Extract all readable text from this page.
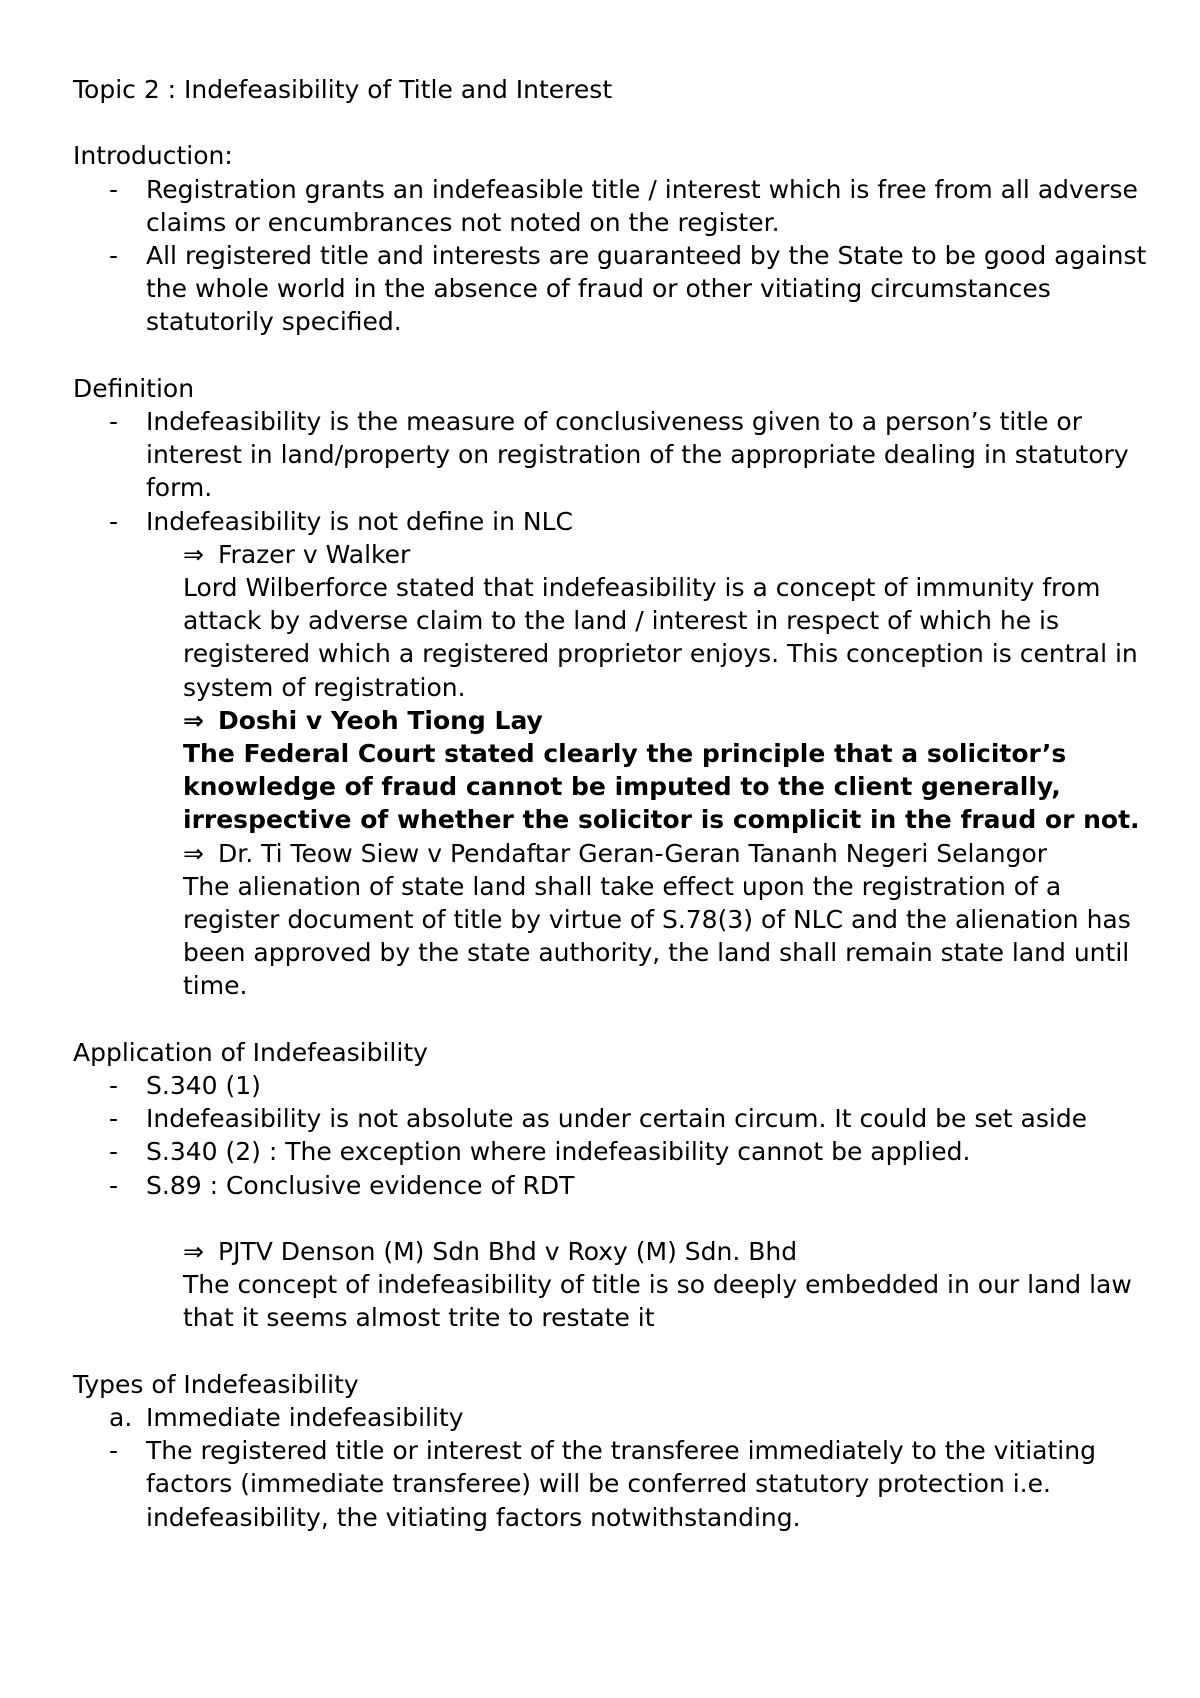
Topic 2 : Indefeasibility of Title and Interest
Introduction:
- Registration grants an indefeasible title / interest which is free from all adverse claims or encumbrances not noted on the register.
- All registered title and interests are guaranteed by the State to be good against the whole world in the absence of fraud or other vitiating circumstances statutorily specified.
Definition
- Indefeasibility is the measure of conclusiveness given to a person’s title or interest in land/property on registration of the appropriate dealing in statutory form.
- Indefeasibility is not define in NLC
⇒ Frazer v Walker
Lord Wilberforce stated that indefeasibility is a concept of immunity from attack by adverse claim to the land / interest in respect of which he is registered which a registered proprietor enjoys. This conception is central in system of registration.
⇒ Doshi v Yeoh Tiong Lay
The Federal Court stated clearly the principle that a solicitor’s knowledge of fraud cannot be imputed to the client generally, irrespective of whether the solicitor is complicit in the fraud or not.
⇒ Dr. Ti Teow Siew v Pendaftar Geran-Geran Tananh Negeri Selangor
The alienation of state land shall take effect upon the registration of a register document of title by virtue of S.78(3) of NLC and the alienation has been approved by the state authority, the land shall remain state land until time.
Application of Indefeasibility
- S.340 (1)
- Indefeasibility is not absolute as under certain circum. It could be set aside
- S.340 (2) : The exception where indefeasibility cannot be applied.
- S.89 : Conclusive evidence of RDT
⇒ PJTV Denson (M) Sdn Bhd v Roxy (M) Sdn. Bhd
The concept of indefeasibility of title is so deeply embedded in our land law that it seems almost trite to restate it
Types of Indefeasibility
a. Immediate indefeasibility
- The registered title or interest of the transferee immediately to the vitiating factors (immediate transferee) will be conferred statutory protection i.e. indefeasibility, the vitiating factors notwithstanding.
